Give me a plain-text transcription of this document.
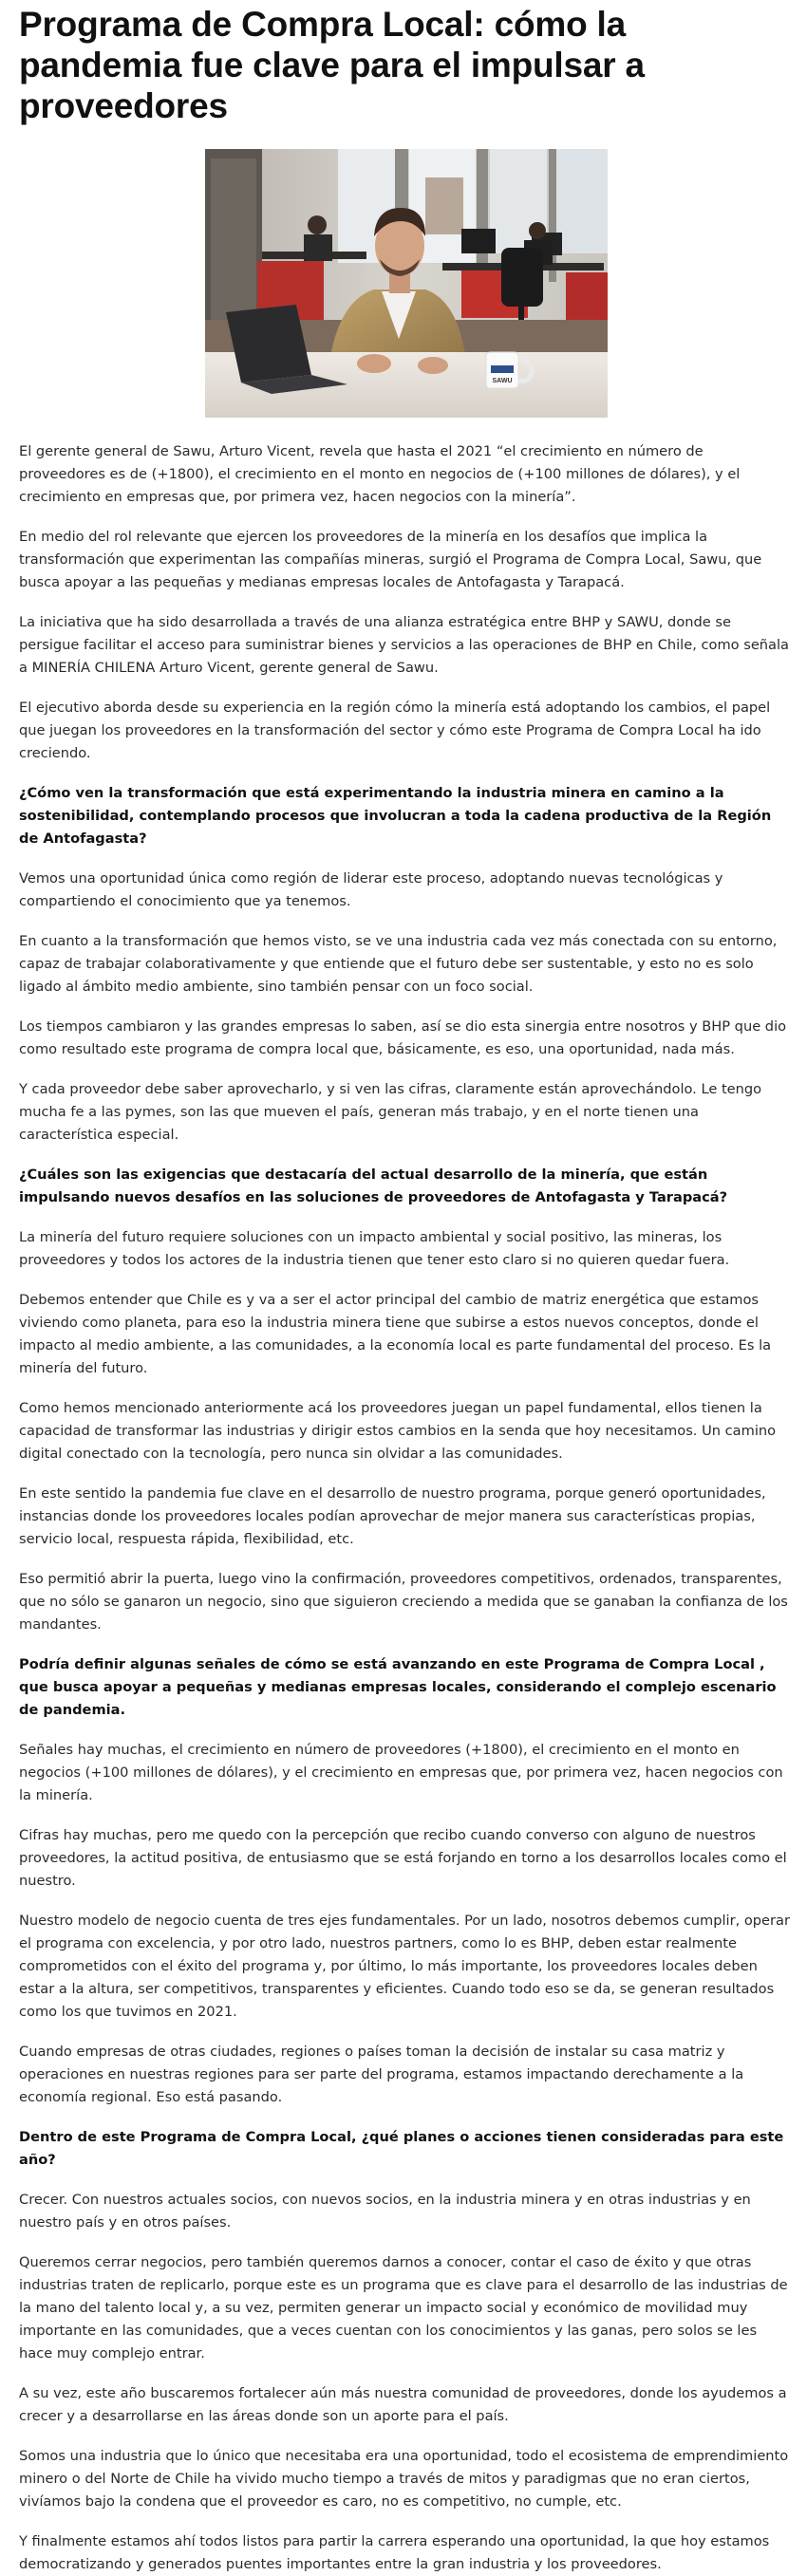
Programa de Compra Local: cómo la pandemia fue clave para el impulsar a proveedores
SAWU

El gerente general de Sawu, Arturo Vicent, revela que hasta el 2021 “el crecimiento en número de proveedores es de (+1800), el crecimiento en el monto en negocios de (+100 millones de dólares), y el crecimiento en empresas que, por primera vez, hacen negocios con la minería”.

En medio del rol relevante que ejercen los proveedores de la minería en los desafíos que implica la transformación que experimentan las compañías mineras, surgió el Programa de Compra Local, Sawu, que busca apoyar a las pequeñas y medianas empresas locales de Antofagasta y Tarapacá.

La iniciativa que ha sido desarrollada a través de una alianza estratégica entre BHP y SAWU, donde se persigue facilitar el acceso para suministrar bienes y servicios a las operaciones de BHP en Chile, como señala a MINERÍA CHILENA Arturo Vicent, gerente general de Sawu.

El ejecutivo aborda desde su experiencia en la región cómo la minería está adoptando los cambios, el papel que juegan los proveedores en la transformación del sector y cómo este Programa de Compra Local ha ido creciendo.

¿Cómo ven la transformación que está experimentando la industria minera en camino a la sostenibilidad, contemplando procesos que involucran a toda la cadena productiva de la Región de Antofagasta?

Vemos una oportunidad única como región de liderar este proceso, adoptando nuevas tecnológicas y compartiendo el conocimiento que ya tenemos.

En cuanto a la transformación que hemos visto, se ve una industria cada vez más conectada con su entorno, capaz de trabajar colaborativamente y que entiende que el futuro debe ser sustentable, y esto no es solo ligado al ámbito medio ambiente, sino también pensar con un foco social.

Los tiempos cambiaron y las grandes empresas lo saben, así se dio esta sinergia entre nosotros y BHP que dio como resultado este programa de compra local que, básicamente, es eso, una oportunidad, nada más.

Y cada proveedor debe saber aprovecharlo, y si ven las cifras, claramente están aprovechándolo. Le tengo mucha fe a las pymes, son las que mueven el país, generan más trabajo, y en el norte tienen una característica especial.

¿Cuáles son las exigencias que destacaría del actual desarrollo de la minería, que están impulsando nuevos desafíos en las soluciones de proveedores de Antofagasta y Tarapacá?

La minería del futuro requiere soluciones con un impacto ambiental y social positivo, las mineras, los proveedores y todos los actores de la industria tienen que tener esto claro si no quieren quedar fuera.

Debemos entender que Chile es y va a ser el actor principal del cambio de matriz energética que estamos viviendo como planeta, para eso la industria minera tiene que subirse a estos nuevos conceptos, donde el impacto al medio ambiente, a las comunidades, a la economía local es parte fundamental del proceso. Es la minería del futuro.

Como hemos mencionado anteriormente acá los proveedores juegan un papel fundamental, ellos tienen la capacidad de transformar las industrias y dirigir estos cambios en la senda que hoy necesitamos. Un camino digital conectado con la tecnología, pero nunca sin olvidar a las comunidades.

En este sentido la pandemia fue clave en el desarrollo de nuestro programa, porque generó oportunidades, instancias donde los proveedores locales podían aprovechar de mejor manera sus características propias, servicio local, respuesta rápida, flexibilidad, etc.

Eso permitió abrir la puerta, luego vino la confirmación, proveedores competitivos, ordenados, transparentes, que no sólo se ganaron un negocio, sino que siguieron creciendo a medida que se ganaban la confianza de los mandantes.

Podría definir algunas señales de cómo se está avanzando en este Programa de Compra Local , que busca apoyar a pequeñas y medianas empresas locales, considerando el complejo escenario de pandemia.

Señales hay muchas, el crecimiento en número de proveedores (+1800), el crecimiento en el monto en negocios (+100 millones de dólares), y el crecimiento en empresas que, por primera vez, hacen negocios con la minería.

Cifras hay muchas, pero me quedo con la percepción que recibo cuando converso con alguno de nuestros proveedores, la actitud positiva, de entusiasmo que se está forjando en torno a los desarrollos locales como el nuestro.

Nuestro modelo de negocio cuenta de tres ejes fundamentales. Por un lado, nosotros debemos cumplir, operar el programa con excelencia, y por otro lado, nuestros partners, como lo es BHP, deben estar realmente comprometidos con el éxito del programa y, por último, lo más importante, los proveedores locales deben estar a la altura, ser competitivos, transparentes y eficientes. Cuando todo eso se da, se generan resultados como los que tuvimos en 2021.

Cuando empresas de otras ciudades, regiones o países toman la decisión de instalar su casa matriz y operaciones en nuestras regiones para ser parte del programa, estamos impactando derechamente a la economía regional. Eso está pasando.

Dentro de este Programa de Compra Local, ¿qué planes o acciones tienen consideradas para este año?

Crecer. Con nuestros actuales socios, con nuevos socios, en la industria minera y en otras industrias y en nuestro país y en otros países.

Queremos cerrar negocios, pero también queremos darnos a conocer, contar el caso de éxito y que otras industrias traten de replicarlo, porque este es un programa que es clave para el desarrollo de las industrias de la mano del talento local y, a su vez, permiten generar un impacto social y económico de movilidad muy importante en las comunidades, que a veces cuentan con los conocimientos y las ganas, pero solos se les hace muy complejo entrar.

A su vez, este año buscaremos fortalecer aún más nuestra comunidad de proveedores, donde los ayudemos a crecer y a desarrollarse en las áreas donde son un aporte para el país.

Somos una industria que lo único que necesitaba era una oportunidad, todo el ecosistema de emprendimiento minero o del Norte de Chile ha vivido mucho tiempo a través de mitos y paradigmas que no eran ciertos, vivíamos bajo la condena que el proveedor es caro, no es competitivo, no cumple, etc.

Y finalmente estamos ahí todos listos para partir la carrera esperando una oportunidad, la que hoy estamos democratizando y generados puentes importantes entre la gran industria y los proveedores.
